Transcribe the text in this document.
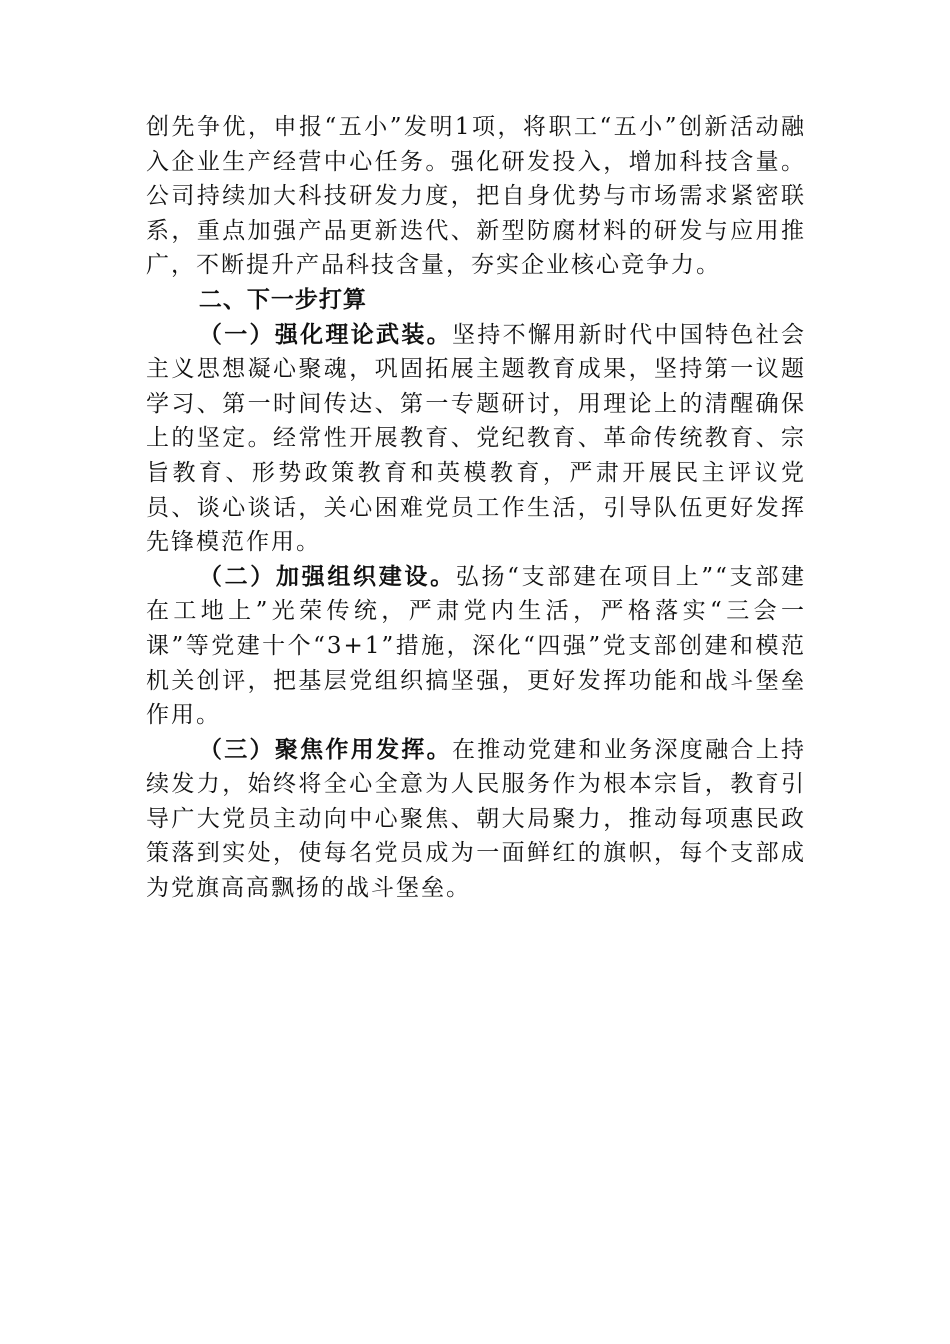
创先争优，申报“五小”发明1项，将职工“五小”创新活动融入企业生产经营中心任务。强化研发投入，增加科技含量。公司持续加大科技研发力度，把自身优势与市场需求紧密联系，重点加强产品更新迭代、新型防腐材料的研发与应用推广，不断提升产品科技含量，夯实企业核心竞争力。

二、下一步打算

（一）强化理论武装。坚持不懈用新时代中国特色社会主义思想凝心聚魂，巩固拓展主题教育成果，坚持第一议题学习、第一时间传达、第一专题研讨，用理论上的清醒确保上的坚定。经常性开展教育、党纪教育、革命传统教育、宗旨教育、形势政策教育和英模教育，严肃开展民主评议党员、谈心谈话，关心困难党员工作生活，引导队伍更好发挥先锋模范作用。

（二）加强组织建设。弘扬“支部建在项目上”“支部建在工地上”光荣传统，严肃党内生活，严格落实“三会一课”等党建十个“3+1”措施，深化“四强”党支部创建和模范机关创评，把基层党组织搞坚强，更好发挥功能和战斗堡垒作用。

（三）聚焦作用发挥。在推动党建和业务深度融合上持续发力，始终将全心全意为人民服务作为根本宗旨，教育引导广大党员主动向中心聚焦、朝大局聚力，推动每项惠民政策落到实处，使每名党员成为一面鲜红的旗帜，每个支部成为党旗高高飘扬的战斗堡垒。
